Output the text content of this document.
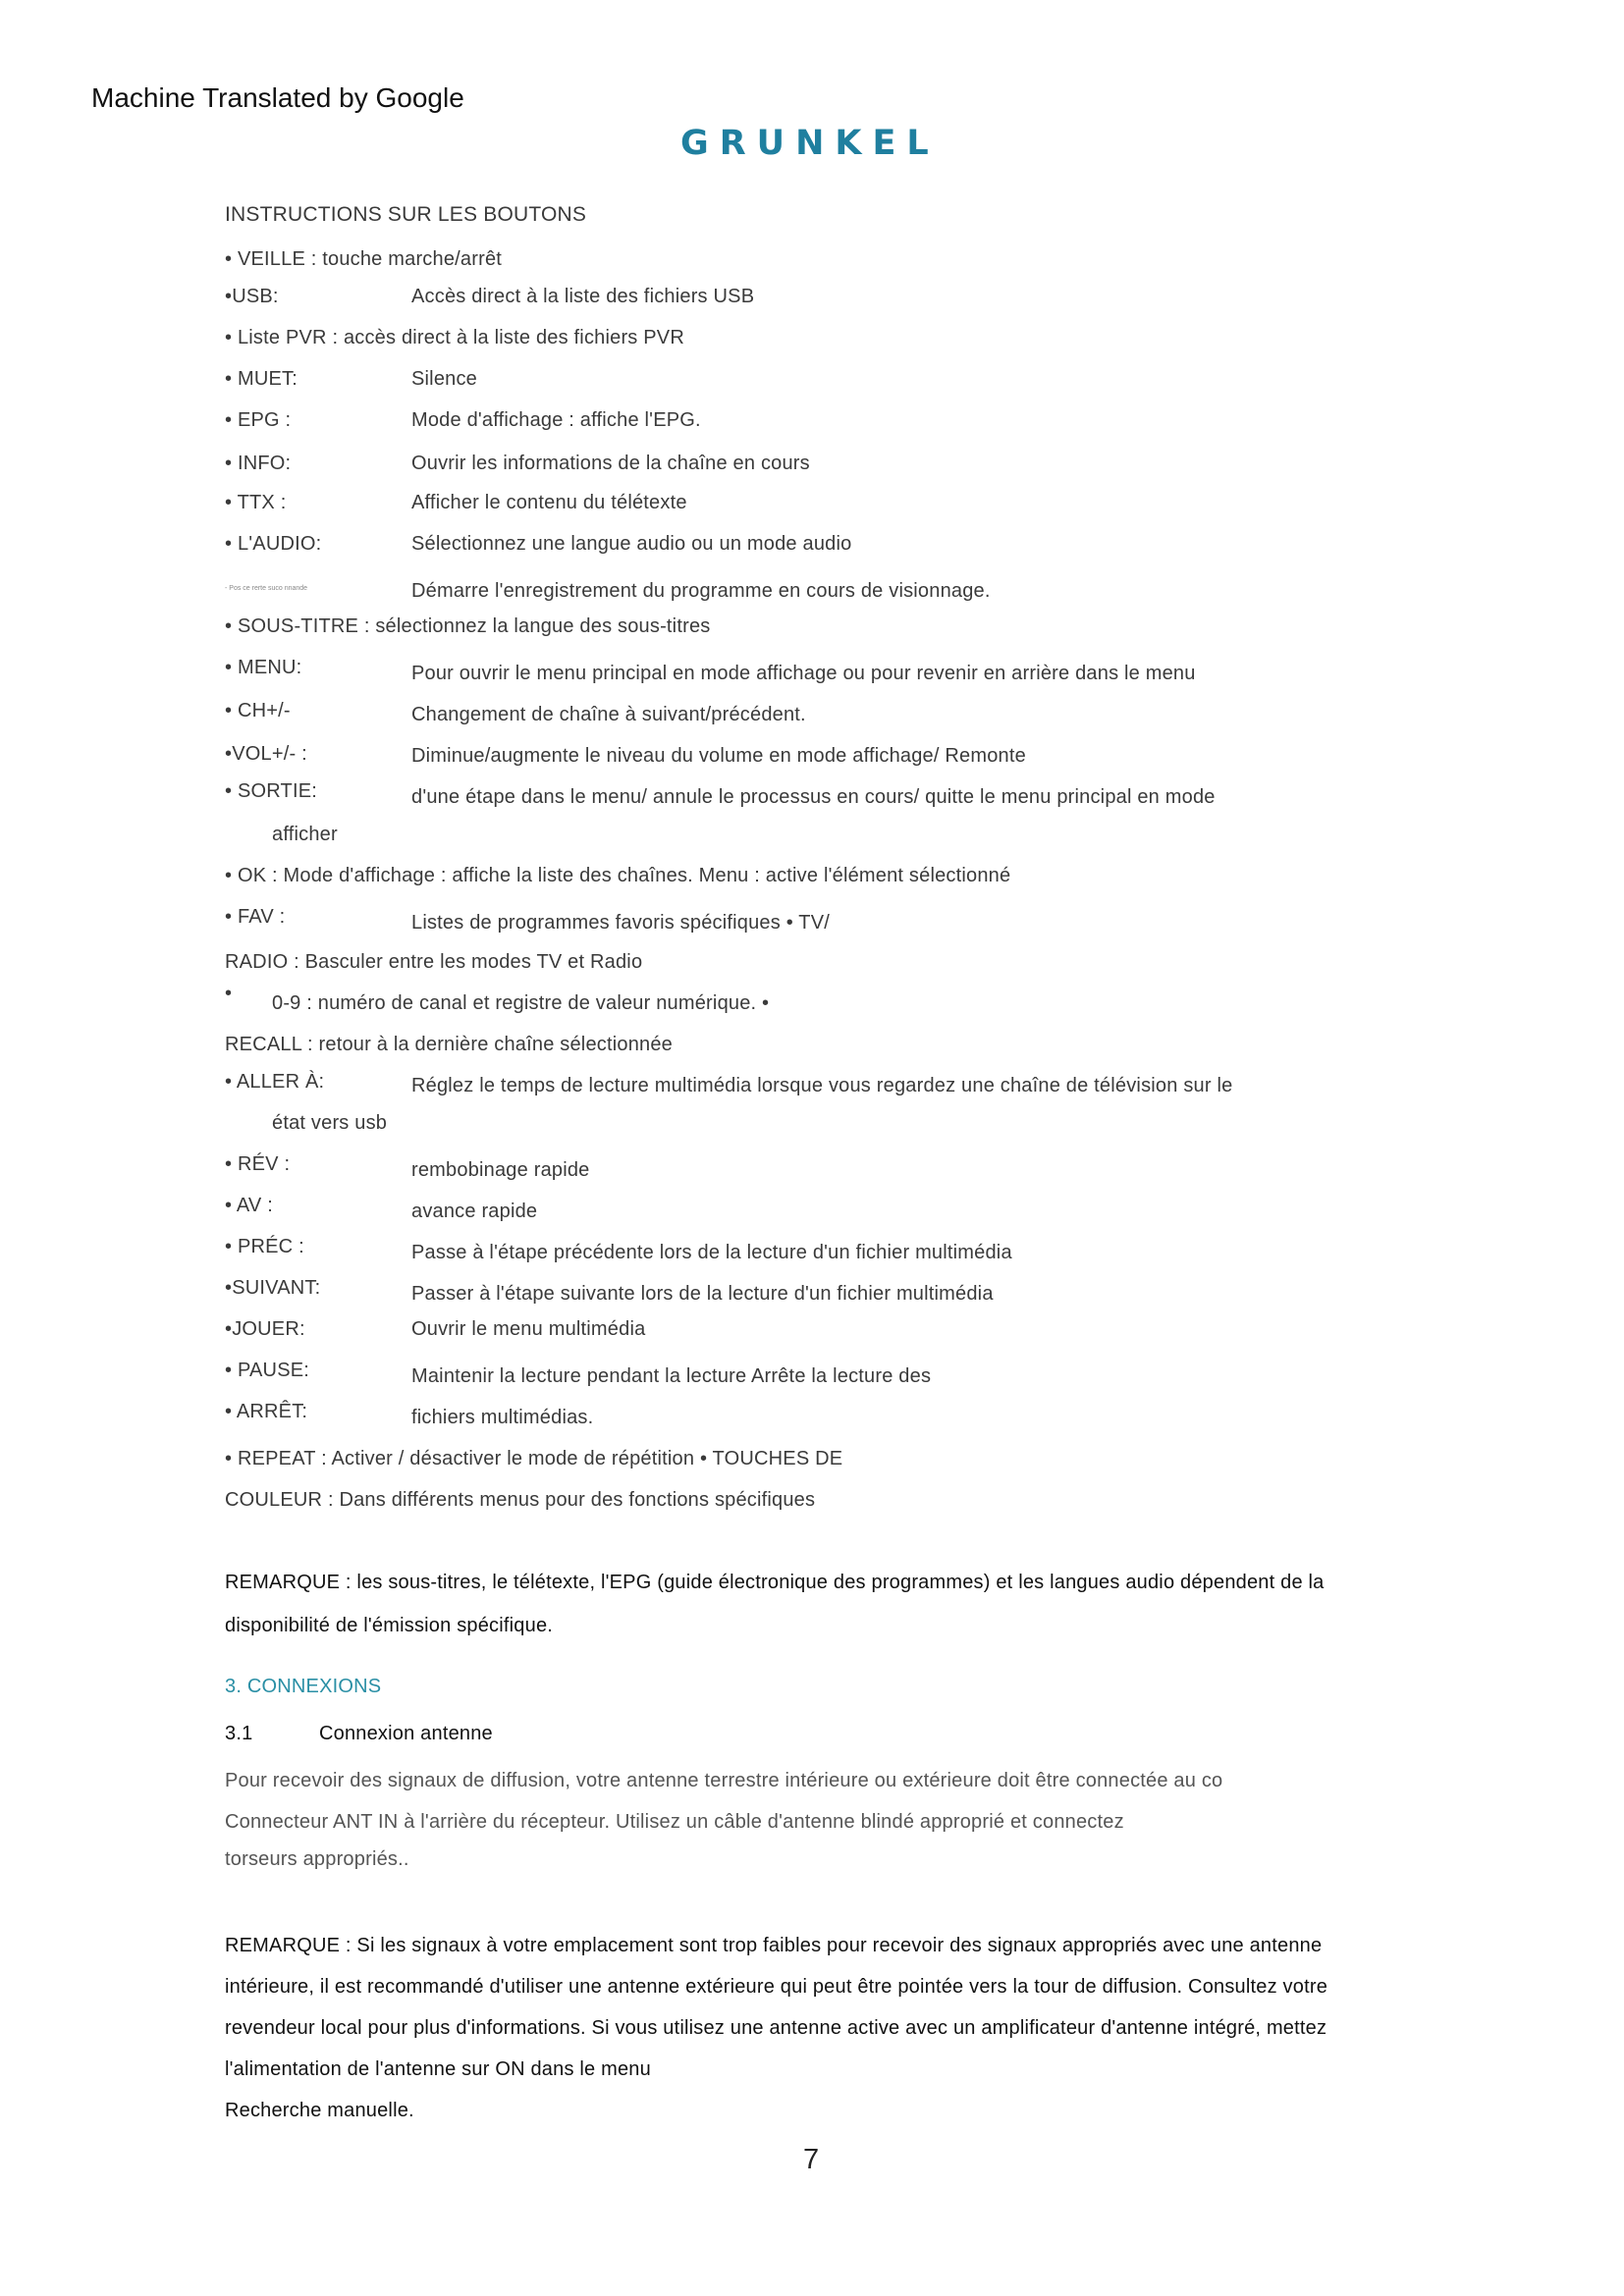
Machine Translated by Google
GRUNKEL
INSTRUCTIONS SUR LES BOUTONS
• VEILLE : touche marche/arrêt
•USB:	Accès direct à la liste des fichiers USB
• Liste PVR : accès direct à la liste des fichiers PVR
• MUET:	Silence
• EPG :	Mode d'affichage : affiche l'EPG.
• INFO:	Ouvrir les informations de la chaîne en cours
• TTX :	Afficher le contenu du télétexte
• L'AUDIO:	Sélectionnez une langue audio ou un mode audio
- Pos ce rerte suco nnande	Démarre l'enregistrement du programme en cours de visionnage.
• SOUS-TITRE : sélectionnez la langue des sous-titres
• MENU:	Pour ouvrir le menu principal en mode affichage ou pour revenir en arrière dans le menu
• CH+/-	Changement de chaîne à suivant/précédent.
•VOL+/- :	Diminue/augmente le niveau du volume en mode affichage/ Remonte
• SORTIE:	d'une étape dans le menu/ annule le processus en cours/ quitte le menu principal en mode
afficher
• OK : Mode d'affichage : affiche la liste des chaînes. Menu : active l'élément sélectionné
• FAV :	Listes de programmes favoris spécifiques • TV/
RADIO : Basculer entre les modes TV et Radio
• 0-9 : numéro de canal et registre de valeur numérique. •
RECALL : retour à la dernière chaîne sélectionnée
• ALLER À:	Réglez le temps de lecture multimédia lorsque vous regardez une chaîne de télévision sur le
état vers usb
• RÉV :	rembobinage rapide
• AV :	avance rapide
• PRÉC :	Passe à l'étape précédente lors de la lecture d'un fichier multimédia
•SUIVANT:	Passer à l'étape suivante lors de la lecture d'un fichier multimédia
•JOUER:	Ouvrir le menu multimédia
• PAUSE:	Maintenir la lecture pendant la lecture Arrête la lecture des
• ARRÊT:	fichiers multimédias.
• REPEAT : Activer / désactiver le mode de répétition • TOUCHES DE
COULEUR : Dans différents menus pour des fonctions spécifiques
REMARQUE : les sous-titres, le télétexte, l'EPG (guide électronique des programmes) et les langues audio dépendent de la
disponibilité de l'émission spécifique.
3. CONNEXIONS
3.1	Connexion antenne
Pour recevoir des signaux de diffusion, votre antenne terrestre intérieure ou extérieure doit être connectée au co
Connecteur ANT IN à l'arrière du récepteur. Utilisez un câble d'antenne blindé approprié et connectez
torseurs appropriés..
REMARQUE : Si les signaux à votre emplacement sont trop faibles pour recevoir des signaux appropriés avec une antenne
intérieure, il est recommandé d'utiliser une antenne extérieure qui peut être pointée vers la tour de diffusion. Consultez votre
revendeur local pour plus d'informations. Si vous utilisez une antenne active avec un amplificateur d'antenne intégré, mettez
l'alimentation de l'antenne sur ON dans le menu
Recherche manuelle.
7
